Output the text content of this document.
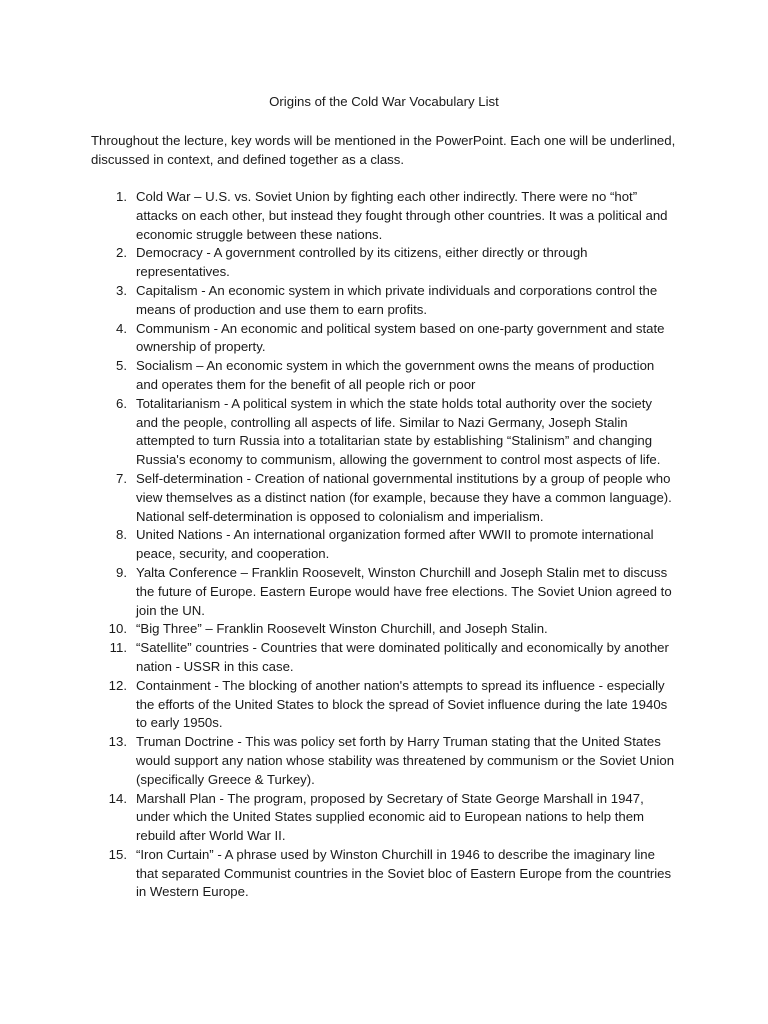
Origins of the Cold War Vocabulary List

Throughout the lecture, key words will be mentioned in the PowerPoint. Each one will be underlined, discussed in context, and defined together as a class.

1. Cold War – U.S. vs. Soviet Union by fighting each other indirectly. There were no “hot” attacks on each other, but instead they fought through other countries. It was a political and economic struggle between these nations.
2. Democracy - A government controlled by its citizens, either directly or through representatives.
3. Capitalism - An economic system in which private individuals and corporations control the means of production and use them to earn profits.
4. Communism - An economic and political system based on one-party government and state ownership of property.
5. Socialism – An economic system in which the government owns the means of production and operates them for the benefit of all people rich or poor
6. Totalitarianism - A political system in which the state holds total authority over the society and the people, controlling all aspects of life. Similar to Nazi Germany, Joseph Stalin attempted to turn Russia into a totalitarian state by establishing “Stalinism” and changing Russia's economy to communism, allowing the government to control most aspects of life.
7. Self-determination - Creation of national governmental institutions by a group of people who view themselves as a distinct nation (for example, because they have a common language). National self-determination is opposed to colonialism and imperialism.
8. United Nations - An international organization formed after WWII to promote international peace, security, and cooperation.
9. Yalta Conference – Franklin Roosevelt, Winston Churchill and Joseph Stalin met to discuss the future of Europe. Eastern Europe would have free elections. The Soviet Union agreed to join the UN.
10. “Big Three” – Franklin Roosevelt Winston Churchill, and Joseph Stalin.
11. “Satellite” countries - Countries that were dominated politically and economically by another nation - USSR in this case.
12. Containment - The blocking of another nation's attempts to spread its influence - especially the efforts of the United States to block the spread of Soviet influence during the late 1940s to early 1950s.
13. Truman Doctrine - This was policy set forth by Harry Truman stating that the United States would support any nation whose stability was threatened by communism or the Soviet Union (specifically Greece & Turkey).
14. Marshall Plan - The program, proposed by Secretary of State George Marshall in 1947, under which the United States supplied economic aid to European nations to help them rebuild after World War II.
15. “Iron Curtain” - A phrase used by Winston Churchill in 1946 to describe the imaginary line that separated Communist countries in the Soviet bloc of Eastern Europe from the countries in Western Europe.
